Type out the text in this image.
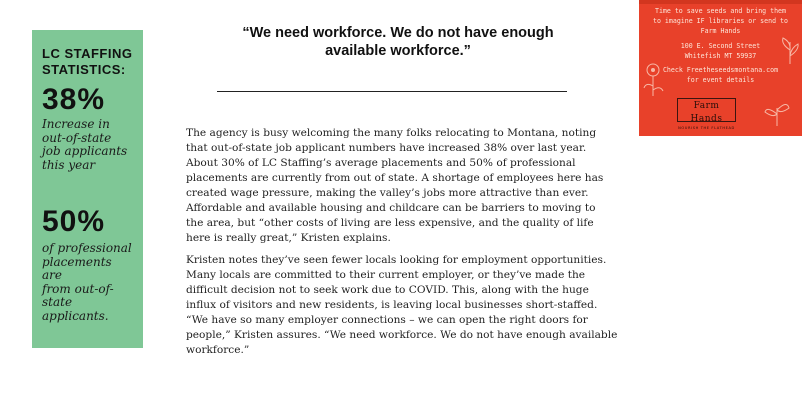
LC STAFFING
STATISTICS:
38%
Increase in
out-of-state
job applicants
this year
50%
of professional
placements are
from out-of-
state
applicants.
“We need workforce. We do not have enough
available workforce.”

The agency is busy welcoming the many folks relocating to Montana, noting
that out-of-state job applicant numbers have increased 38% over last year.
About 30% of LC Staffing’s average placements and 50% of professional
placements are currently from out of state. A shortage of employees here has
created wage pressure, making the valley’s jobs more attractive than ever.
Affordable and available housing and childcare can be barriers to moving to
the area, but “other costs of living are less expensive, and the quality of life
here is really great,” Kristen explains.

Kristen notes they’ve seen fewer locals looking for employment opportunities.
Many locals are committed to their current employer, or they’ve made the
difficult decision not to seek work due to COVID. This, along with the huge
influx of visitors and new residents, is leaving local businesses short-staffed.
“We have so many employer connections – we can open the right doors for
people,” Kristen assures. “We need workforce. We do not have enough available
workforce.”

Time to save seeds and bring them
to imagine IF libraries or send to
Farm Hands
100 E. Second Street
Whitefish MT 59937
Check Freetheseedsmontana.com
for event details
Farm Hands
NOURISH THE FLATHEAD
